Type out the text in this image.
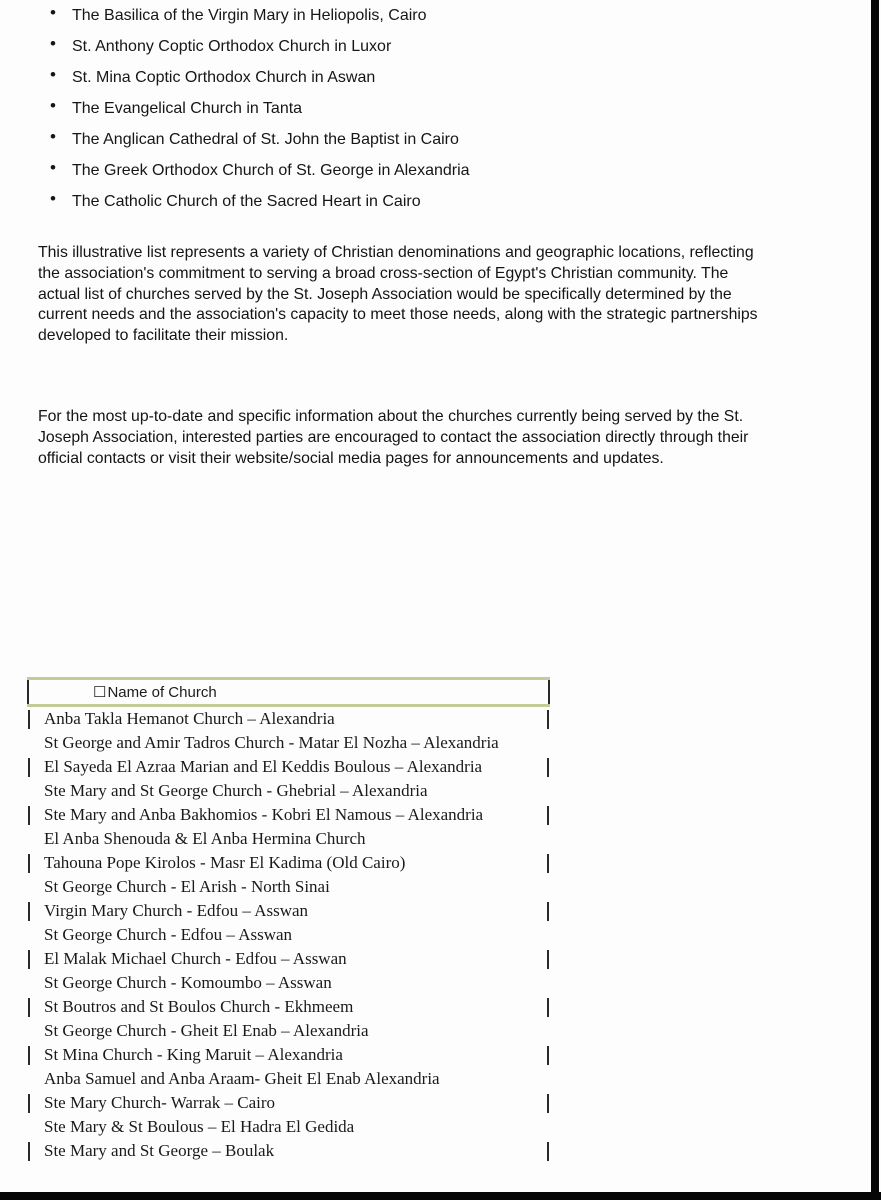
• The Basilica of the Virgin Mary in Heliopolis, Cairo
• St. Anthony Coptic Orthodox Church in Luxor
• St. Mina Coptic Orthodox Church in Aswan
• The Evangelical Church in Tanta
• The Anglican Cathedral of St. John the Baptist in Cairo
• The Greek Orthodox Church of St. George in Alexandria
• The Catholic Church of the Sacred Heart in Cairo

This illustrative list represents a variety of Christian denominations and geographic locations, reflecting the association's commitment to serving a broad cross-section of Egypt's Christian community. The actual list of churches served by the St. Joseph Association would be specifically determined by the current needs and the association's capacity to meet those needs, along with the strategic partnerships developed to facilitate their mission.

For the most up-to-date and specific information about the churches currently being served by the St. Joseph Association, interested parties are encouraged to contact the association directly through their official contacts or visit their website/social media pages for announcements and updates.

☐Name of Church
Anba Takla Hemanot Church – Alexandria
St George and Amir Tadros Church - Matar El Nozha – Alexandria
El Sayeda El Azraa Marian and El Keddis Boulous – Alexandria
Ste Mary and St George Church - Ghebrial – Alexandria
Ste Mary and Anba Bakhomios - Kobri El Namous – Alexandria
El Anba Shenouda & El Anba Hermina Church
Tahouna Pope Kirolos - Masr El Kadima (Old Cairo)
St George Church - El Arish - North Sinai
Virgin Mary Church - Edfou – Asswan
St George Church - Edfou – Asswan
El Malak Michael Church - Edfou – Asswan
St George Church - Komoumbo – Asswan
St Boutros and St Boulos Church - Ekhmeem
St George Church - Gheit El Enab – Alexandria
St Mina Church - King Maruit – Alexandria
Anba Samuel and Anba Araam- Gheit El Enab Alexandria
Ste Mary Church- Warrak – Cairo
Ste Mary & St Boulous – El Hadra El Gedida
Ste Mary and St George – Boulak
